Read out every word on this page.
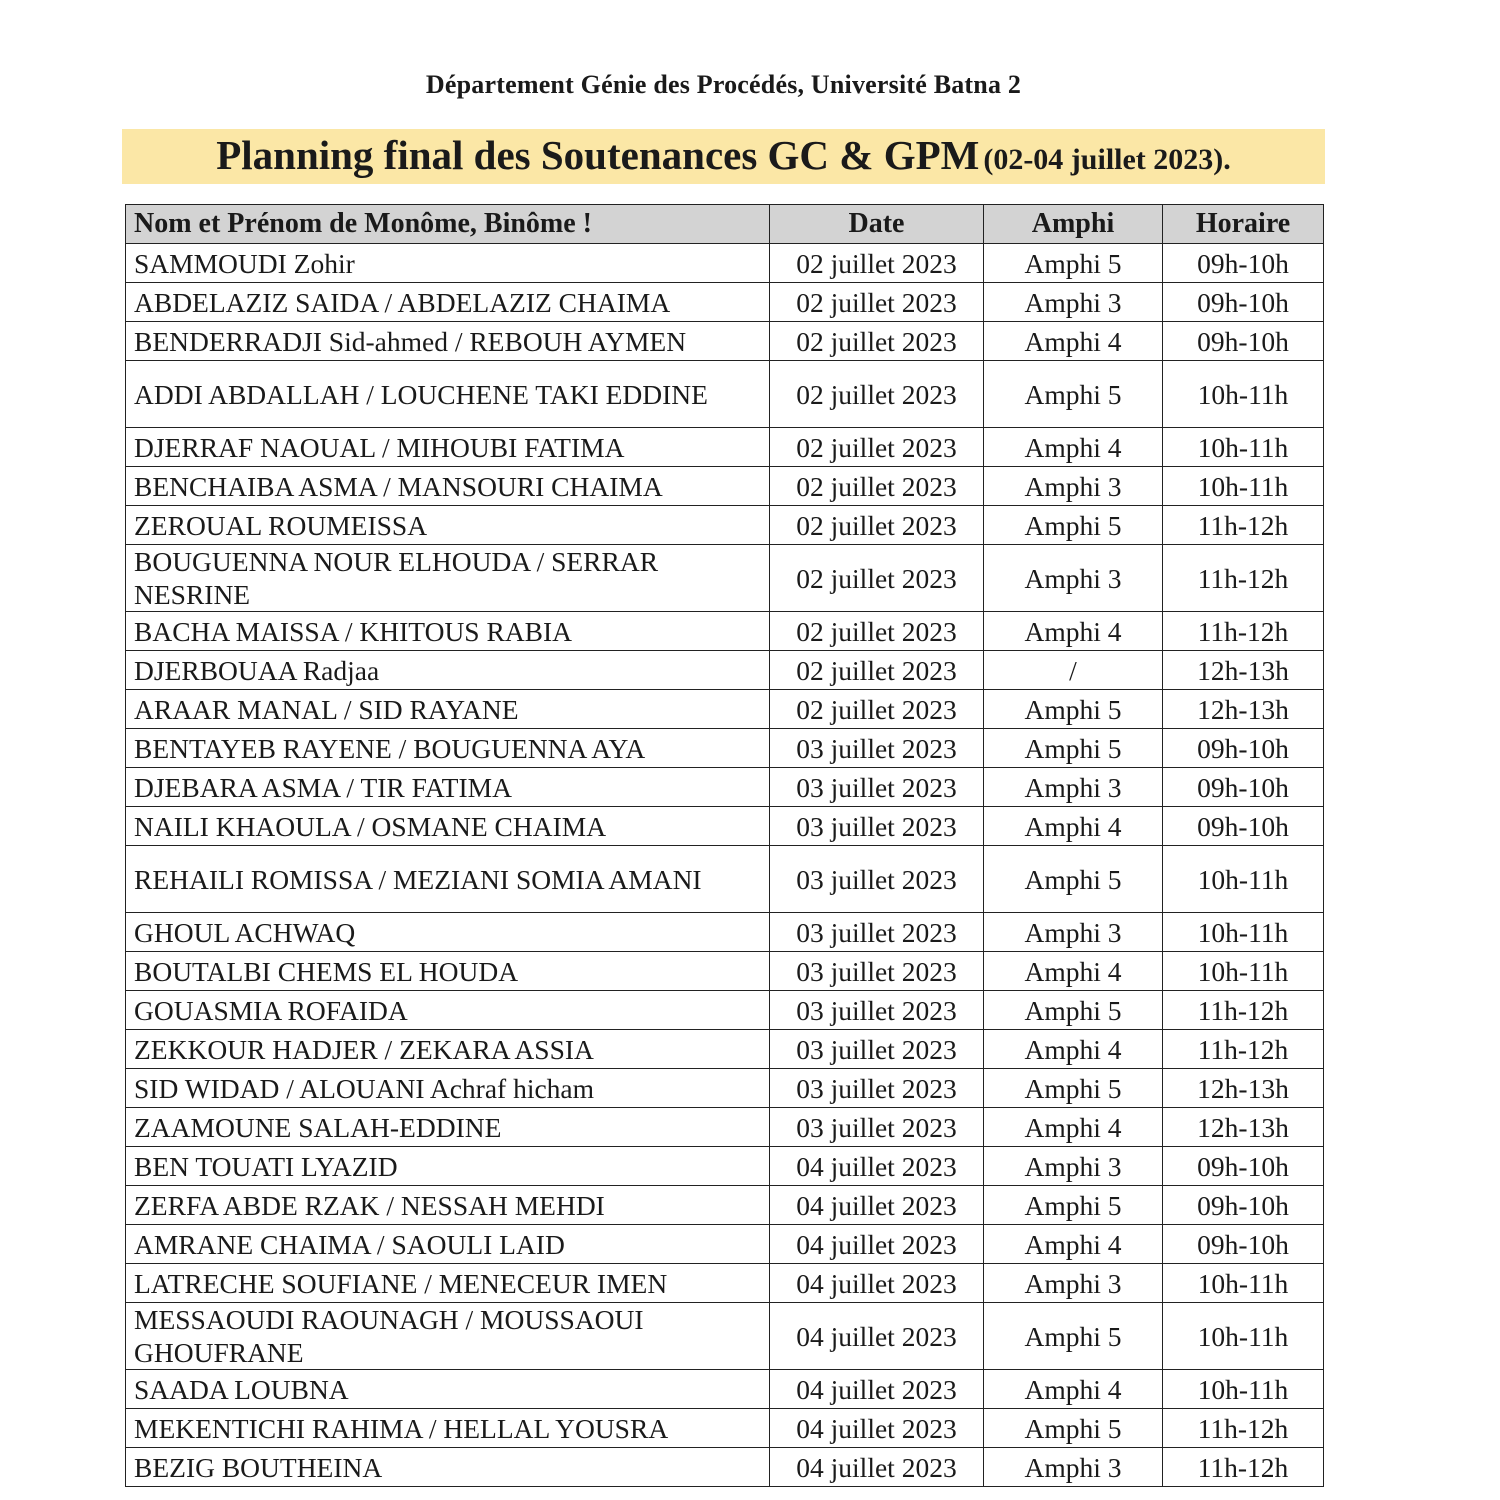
Département Génie des Procédés, Université Batna 2
Planning final des Soutenances GC & GPM (02-04 juillet 2023).
Nom et Prénom de Monôme, Binôme !	Date	Amphi	Horaire
SAMMOUDI Zohir	02 juillet 2023	Amphi 5	09h-10h
ABDELAZIZ SAIDA / ABDELAZIZ CHAIMA	02 juillet 2023	Amphi 3	09h-10h
BENDERRADJI Sid-ahmed / REBOUH AYMEN	02 juillet 2023	Amphi 4	09h-10h
ADDI ABDALLAH / LOUCHENE TAKI EDDINE	02 juillet 2023	Amphi 5	10h-11h
DJERRAF NAOUAL / MIHOUBI FATIMA	02 juillet 2023	Amphi 4	10h-11h
BENCHAIBA ASMA / MANSOURI CHAIMA	02 juillet 2023	Amphi 3	10h-11h
ZEROUAL ROUMEISSA	02 juillet 2023	Amphi 5	11h-12h
BOUGUENNA NOUR ELHOUDA / SERRAR NESRINE	02 juillet 2023	Amphi 3	11h-12h
BACHA MAISSA / KHITOUS RABIA	02 juillet 2023	Amphi 4	11h-12h
DJERBOUAA Radjaa	02 juillet 2023	/	12h-13h
ARAAR MANAL / SID RAYANE	02 juillet 2023	Amphi 5	12h-13h
BENTAYEB RAYENE / BOUGUENNA AYA	03 juillet 2023	Amphi 5	09h-10h
DJEBARA ASMA / TIR FATIMA	03 juillet 2023	Amphi 3	09h-10h
NAILI KHAOULA / OSMANE CHAIMA	03 juillet 2023	Amphi 4	09h-10h
REHAILI ROMISSA / MEZIANI SOMIA AMANI	03 juillet 2023	Amphi 5	10h-11h
GHOUL ACHWAQ	03 juillet 2023	Amphi 3	10h-11h
BOUTALBI CHEMS EL HOUDA	03 juillet 2023	Amphi 4	10h-11h
GOUASMIA ROFAIDA	03 juillet 2023	Amphi 5	11h-12h
ZEKKOUR HADJER / ZEKARA ASSIA	03 juillet 2023	Amphi 4	11h-12h
SID WIDAD / ALOUANI Achraf hicham	03 juillet 2023	Amphi 5	12h-13h
ZAAMOUNE SALAH-EDDINE	03 juillet 2023	Amphi 4	12h-13h
BEN TOUATI LYAZID	04 juillet 2023	Amphi 3	09h-10h
ZERFA ABDE RZAK / NESSAH MEHDI	04 juillet 2023	Amphi 5	09h-10h
AMRANE CHAIMA / SAOULI LAID	04 juillet 2023	Amphi 4	09h-10h
LATRECHE SOUFIANE / MENECEUR IMEN	04 juillet 2023	Amphi 3	10h-11h
MESSAOUDI RAOUNAGH / MOUSSAOUI GHOUFRANE	04 juillet 2023	Amphi 5	10h-11h
SAADA LOUBNA	04 juillet 2023	Amphi 4	10h-11h
MEKENTICHI RAHIMA / HELLAL YOUSRA	04 juillet 2023	Amphi 5	11h-12h
BEZIG BOUTHEINA	04 juillet 2023	Amphi 3	11h-12h
